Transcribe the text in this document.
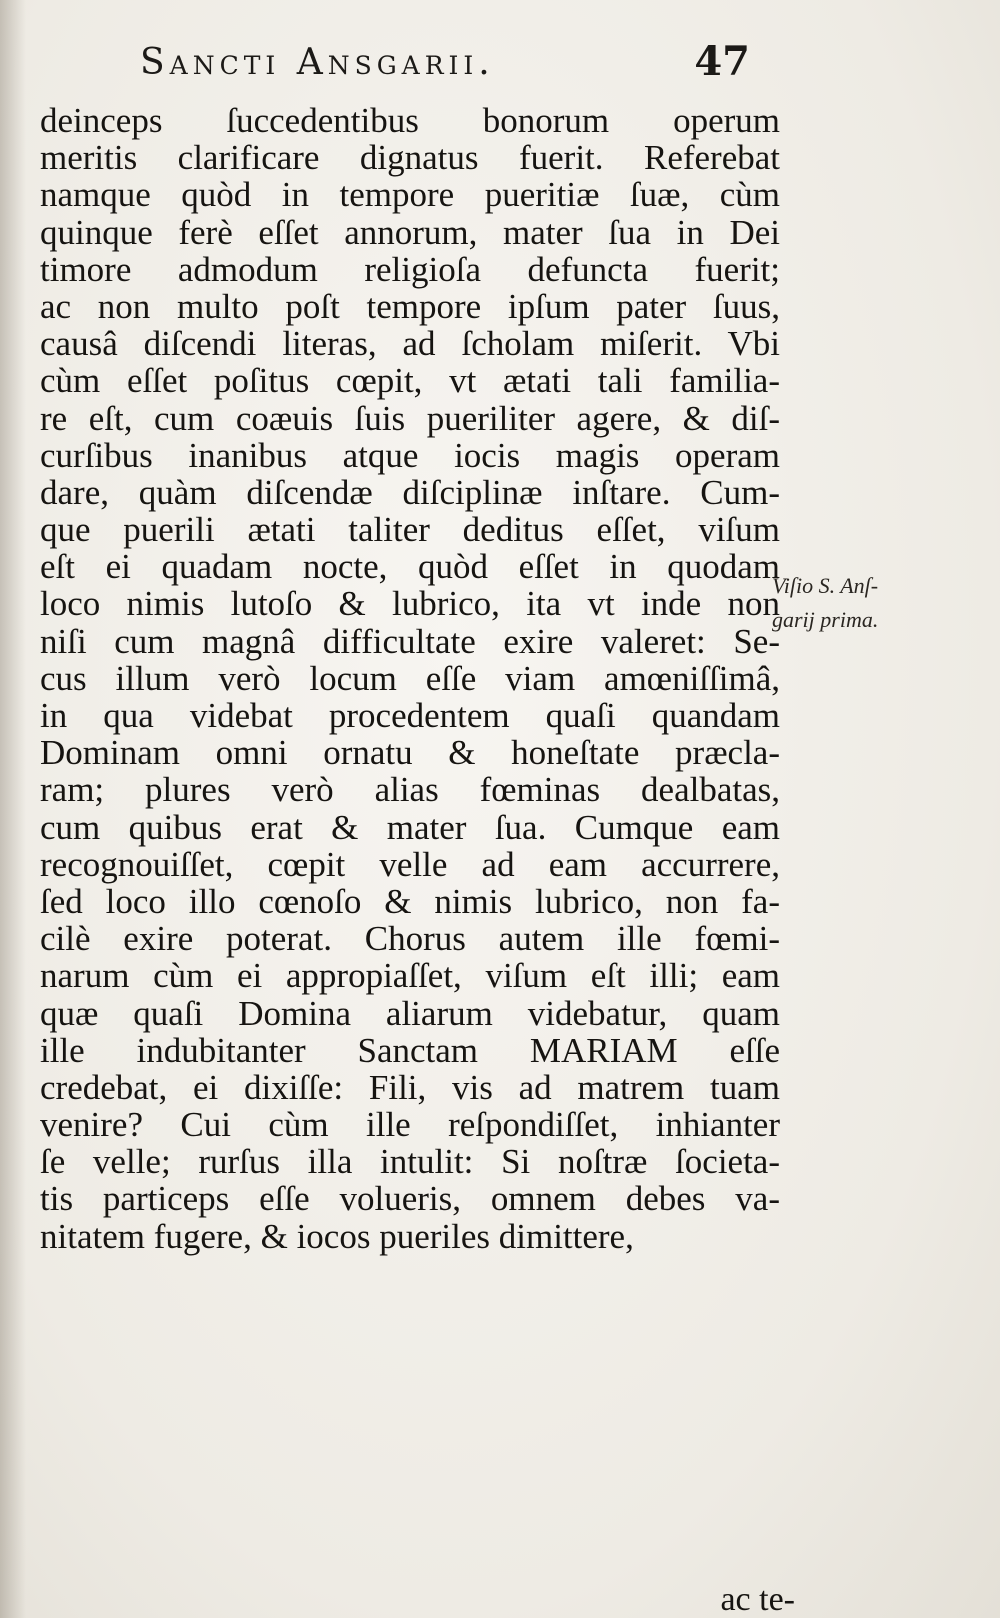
Sancti Ansgarii.	47
deinceps ſuccedentibus bonorum operum
meritis clarificare dignatus fuerit. Referebat
namque quòd in tempore pueritiæ ſuæ, cùm
quinque ferè eſſet annorum, mater ſua in Dei
timore admodum religioſa defuncta fuerit;
ac non multo poſt tempore ipſum pater ſuus,
causâ diſcendi literas, ad ſcholam miſerit. Vbi
cùm eſſet poſitus cœpit, vt ætati tali familia-
re eſt, cum coæuis ſuis pueriliter agere, & diſ-
curſibus inanibus atque iocis magis operam
dare, quàm diſcendæ diſciplinæ inſtare. Cum-
que puerili ætati taliter deditus eſſet, viſum
eſt ei quadam nocte, quòd eſſet in quodam
loco nimis lutoſo & lubrico, ita vt inde non
niſi cum magnâ difficultate exire valeret: Se-
cus illum verò locum eſſe viam amœniſſimâ,
in qua videbat procedentem quaſi quandam
Dominam omni ornatu & honeſtate præcla-
ram; plures verò alias fœminas dealbatas,
cum quibus erat & mater ſua. Cumque eam
recognouiſſet, cœpit velle ad eam accurrere,
ſed loco illo cœnoſo & nimis lubrico, non fa-
cilè exire poterat. Chorus autem ille fœmi-
narum cùm ei appropiaſſet, viſum eſt illi; eam
quæ quaſi Domina aliarum videbatur, quam
ille indubitanter Sanctam MARIAM eſſe
credebat, ei dixiſſe: Fili, vis ad matrem tuam
venire? Cui cùm ille reſpondiſſet, inhianter
ſe velle; rurſus illa intulit: Si noſtræ ſocieta-
tis particeps eſſe volueris, omnem debes va-
nitatem fugere, & iocos pueriles dimittere,
Viſio S. Anſ-
garij prima.
ac te-
